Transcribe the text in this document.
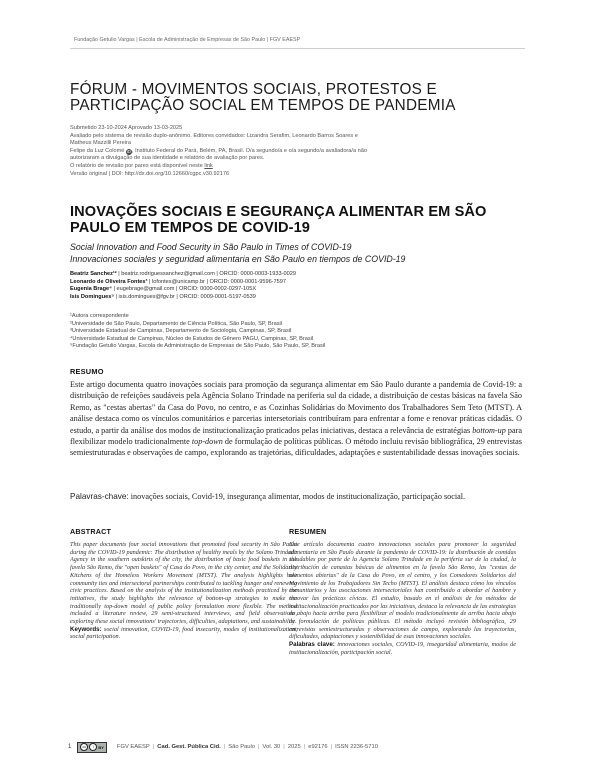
Fundação Getulio Vargas | Escola de Administração de Empresas de São Paulo | FGV EAESP
FÓRUM - MOVIMENTOS SOCIAIS, PROTESTOS E PARTICIPAÇÃO SOCIAL EM TEMPOS DE PANDEMIA
Submetido 23-10-2024 Aprovado 13-03-2025
Avaliado pelo sistema de revisão duplo-anônimo. Editores convidados: Lizandra Serafim, Leonardo Barros Soares e
Matheus Mazzilli Pereira
Felipe da Luz Colomé iD, Instituto Federal do Pará, Belém, PA, Brasil. O/a segundo/a e o/a segundo/a avaliadora/a não
autorizaram a divulgação de sua identidade e relatório de avaliação por pares.
O relatório de revisão por pares está disponível neste link
Versão original | DOI: http://dx.doi.org/10.12660/cgpc.v30.92176
INOVAÇÕES SOCIAIS E SEGURANÇA ALIMENTAR EM SÃO PAULO EM TEMPOS DE COVID-19
Social Innovation and Food Security in São Paulo in Times of COVID-19
Innovaciones sociales y seguridad alimentaria en São Paulo en tiempos de COVID-19
Beatriz Sanchez¹² | beatriz.rodriguessanchez@gmail.com | ORCID: 0000-0003-1933-0029
Leonardo de Oliveira Fontes³ | lofontes@unicamp.br | ORCID: 0000-0001-9596-7597
Eugenia Brage⁴ | eugebrage@gmail.com | ORCID: 0000-0002-0297-105X
Isis Domingues⁵ | isis.domingues@fgv.br | ORCID: 0009-0001-5197-0539
¹Autora correspondente
²Universidade de São Paulo, Departamento de Ciência Política, São Paulo, SP, Brasil
³Universidade Estadual de Campinas, Departamento de Sociologia, Campinas, SP, Brasil
⁴Universidade Estadual de Campinas, Núcleo de Estudos de Gênero PAGU, Campinas, SP, Brasil
⁵Fundação Getulio Vargas, Escola de Administração de Empresas de São Paulo, São Paulo, SP, Brasil
RESUMO

Este artigo documenta quatro inovações sociais para promoção da segurança alimentar em São Paulo durante a pandemia de Covid-19: a distribuição de refeições saudáveis pela Agência Solano Trindade na periferia sul da cidade, a distribuição de cestas básicas na favela São Remo, as "cestas abertas" da Casa do Povo, no centro, e as Cozinhas Solidárias do Movimento dos Trabalhadores Sem Teto (MTST). A análise destaca como os vínculos comunitários e parcerias intersetoriais contribuíram para enfrentar a fome e renovar práticas cidadãs. O estudo, a partir da análise dos modos de institucionalização praticados pelas iniciativas, destaca a relevância de estratégias bottom-up para flexibilizar modelo tradicionalmente top-down de formulação de políticas públicas. O método incluiu revisão bibliográfica, 29 entrevistas semiestruturadas e observações de campo, explorando as trajetórias, dificuldades, adaptações e sustentabilidade dessas inovações sociais.

Palavras-chave: inovações sociais, Covid-19, insegurança alimentar, modos de institucionalização, participação social.
ABSTRACT

This paper documents four social innovations that promoted food security in São Paulo during the COVID-19 pandemic: The distribution of healthy meals by the Solano Trindade Agency in the southern outskirts of the city, the distribution of basic food baskets in the favela São Remo, the "open baskets" of Casa do Povo, in the city center, and the Solidarity Kitchens of the Homeless Workers Movement (MTST). The analysis highlights how community ties and intersectoral partnerships contributed to tackling hunger and renewing civic practices. Based on the analysis of the institutionalization methods practiced by the initiatives, the study highlights the relevance of bottom-up strategies to make the traditionally top-down model of public policy formulation more flexible. The method included a literature review, 29 semi-structured interviews, and field observations, exploring these social innovations' trajectories, difficulties, adaptations, and sustainability.

Keywords: social innovation, COVID-19, food insecurity, modes of institutionalization, social participation.

RESUMEN

Este artículo documenta cuatro innovaciones sociales para promover la seguridad alimentaria en São Paulo durante la pandemia de COVID-19: la distribución de comidas saludables por parte de la Agencia Solano Trindade en la periferia sur de la ciudad, la distribución de canastas básicas de alimentos en la favela São Remo, las "cestas de alimentos abiertas" de la Casa do Povo, en el centro, y los Comedores Solidarios del Movimiento de los Trabajadores Sin Techo (MTST). El análisis destaca cómo los vínculos comunitarios y las asociaciones intersectoriales han contribuido a abordar el hambre y renovar las prácticas cívicas. El estudio, basado en el análisis de los métodos de institucionalización practicados por las iniciativas, destaca la relevancia de las estrategias de abajo hacia arriba para flexibilizar el modelo tradicionalmente de arriba hacia abajo de formulación de políticas públicas. El método incluyó revisión bibliográfica, 29 entrevistas semiestructuradas y observaciones de campo, explorando las trayectorias, dificultades, adaptaciones y sostenibilidad de esas innovaciones sociales.

Palabras clave: innovaciones sociales, COVID-19, inseguridad alimentaria, modos de institucionalización, participación social.

1	cc	i	BY FGV EAESP | Cad. Gest. Pública Cid. | São Paulo | Vol. 30 | 2025 | e92176 | ISSN 2236-5710
